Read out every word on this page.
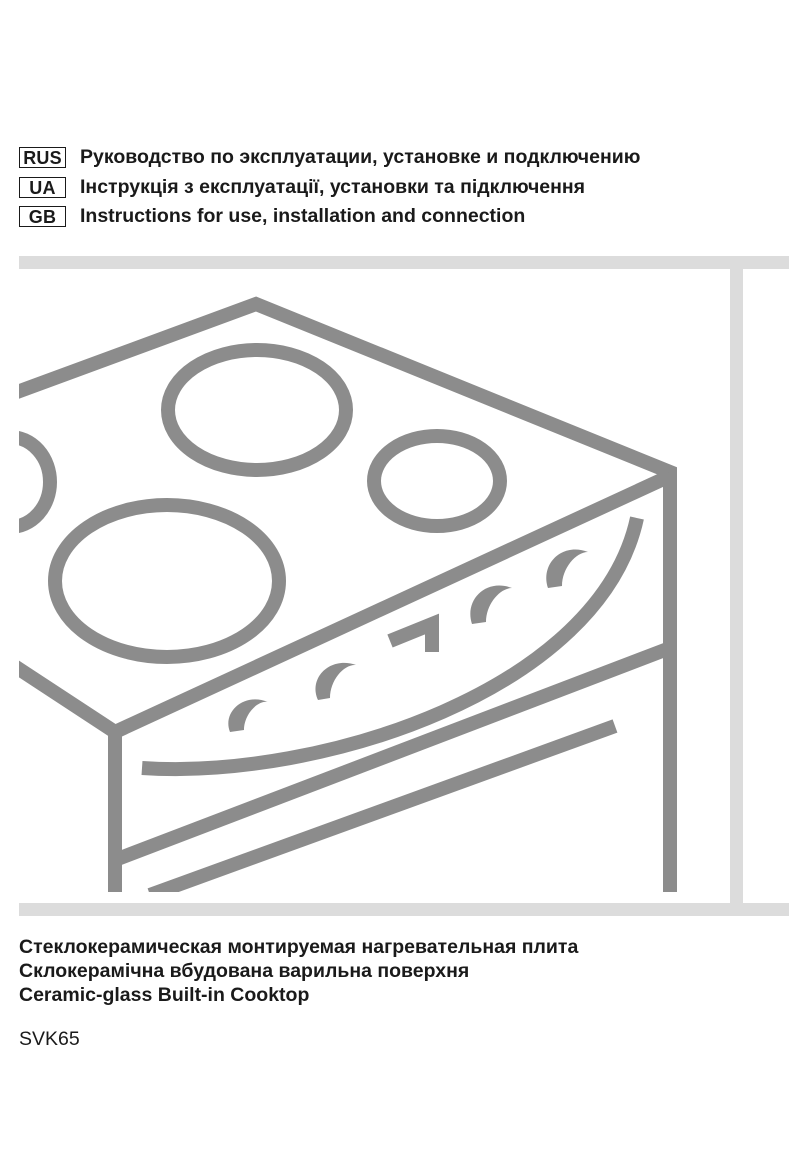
RUS Руководство по эксплуатации, установке и подключению
UA	Інструкція з експлуатації, установки та підключення
GB	Instructions for use, installation and connection
Стеклокерамическая монтируемая нагревательная плита
Склокерамічна вбудована варильна поверхня
Ceramic-glass Built-in Cooktop
SVK65
